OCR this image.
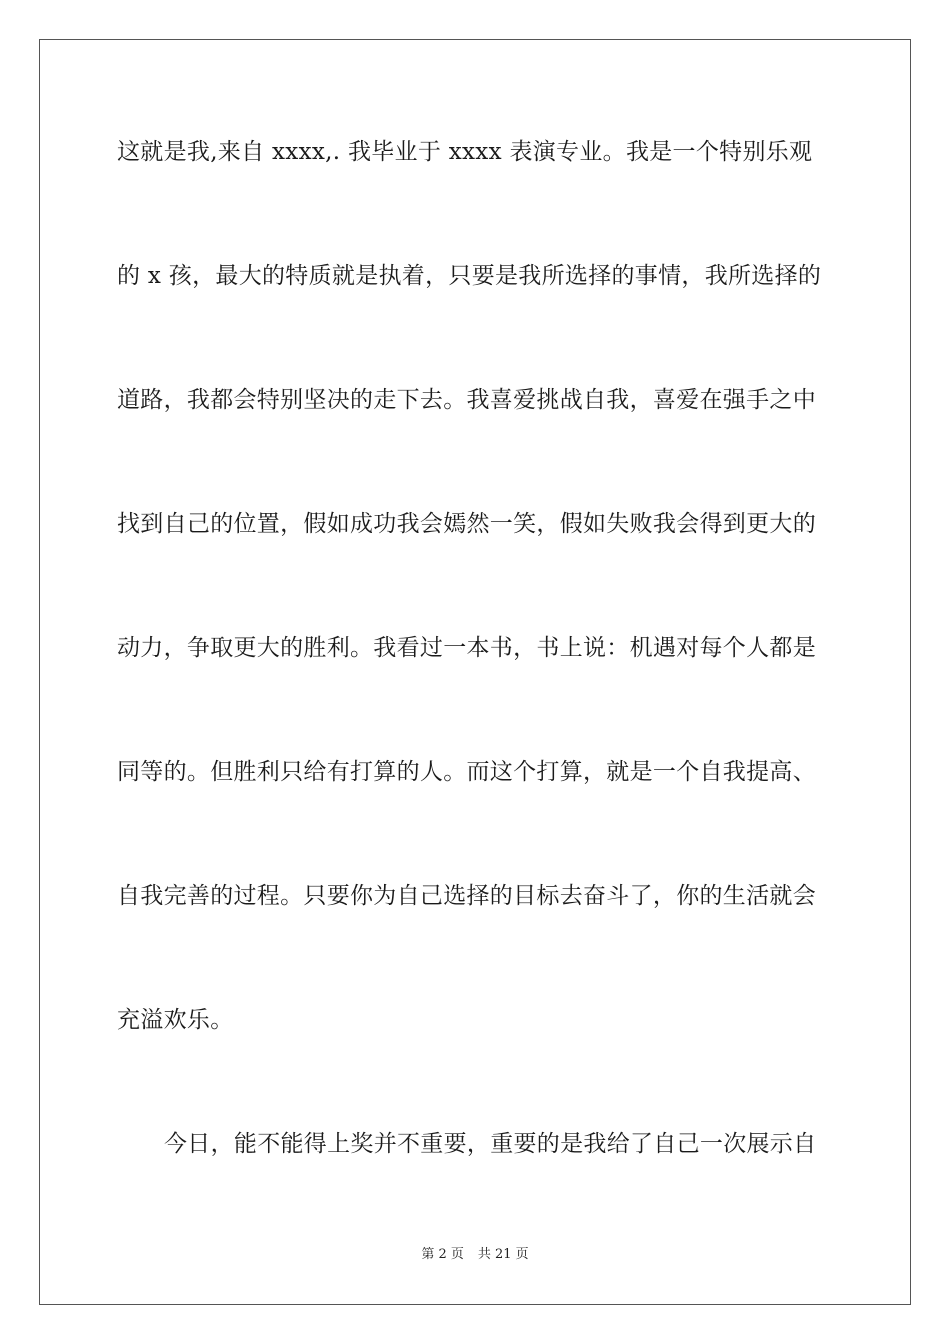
这就是我,来自 xxxx,. 我毕业于 xxxx 表演专业。我是一个特别乐观
的 x 孩，最大的特质就是执着，只要是我所选择的事情，我所选择的
道路，我都会特别坚决的走下去。我喜爱挑战自我，喜爱在强手之中
找到自己的位置，假如成功我会嫣然一笑，假如失败我会得到更大的
动力，争取更大的胜利。我看过一本书，书上说：机遇对每个人都是
同等的。但胜利只给有打算的人。而这个打算，就是一个自我提高、
自我完善的过程。只要你为自己选择的目标去奋斗了，你的生活就会
充溢欢乐。
今日，能不能得上奖并不重要，重要的是我给了自己一次展示自
第 2 页 共 21 页
